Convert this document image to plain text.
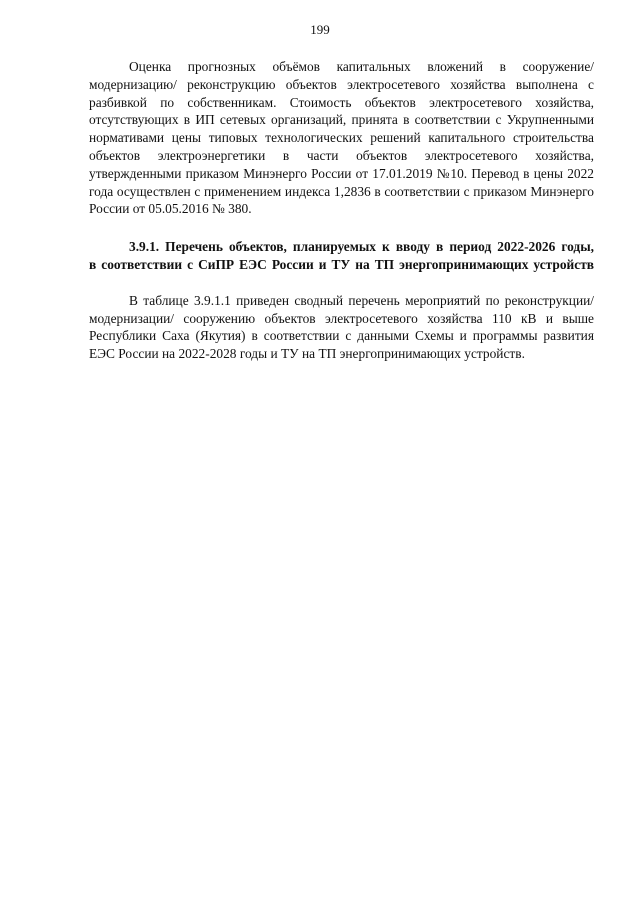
199

Оценка прогнозных объёмов капитальных вложений в сооружение/ модернизацию/ реконструкцию объектов электросетевого хозяйства выполнена с разбивкой по собственникам. Стоимость объектов электросетевого хозяйства, отсутствующих в ИП сетевых организаций, принята в соответствии с Укрупненными нормативами цены типовых технологических решений капитального строительства объектов электроэнергетики в части объектов электросетевого хозяйства, утвержденными приказом Минэнерго России от 17.01.2019 №10. Перевод в цены 2022 года осуществлен с применением индекса 1,2836 в соответствии с приказом Минэнерго России от 05.05.2016 № 380.

3.9.1. Перечень объектов, планируемых к вводу в период 2022-2026 годы,
в соответствии с СиПР ЕЭС России и ТУ на ТП энергопринимающих устройств

В таблице 3.9.1.1 приведен сводный перечень мероприятий по реконструкции/ модернизации/ сооружению объектов электросетевого хозяйства 110 кВ и выше Республики Саха (Якутия) в соответствии с данными Схемы и программы развития ЕЭС России на 2022-2028 годы и ТУ на ТП энергопринимающих устройств.
